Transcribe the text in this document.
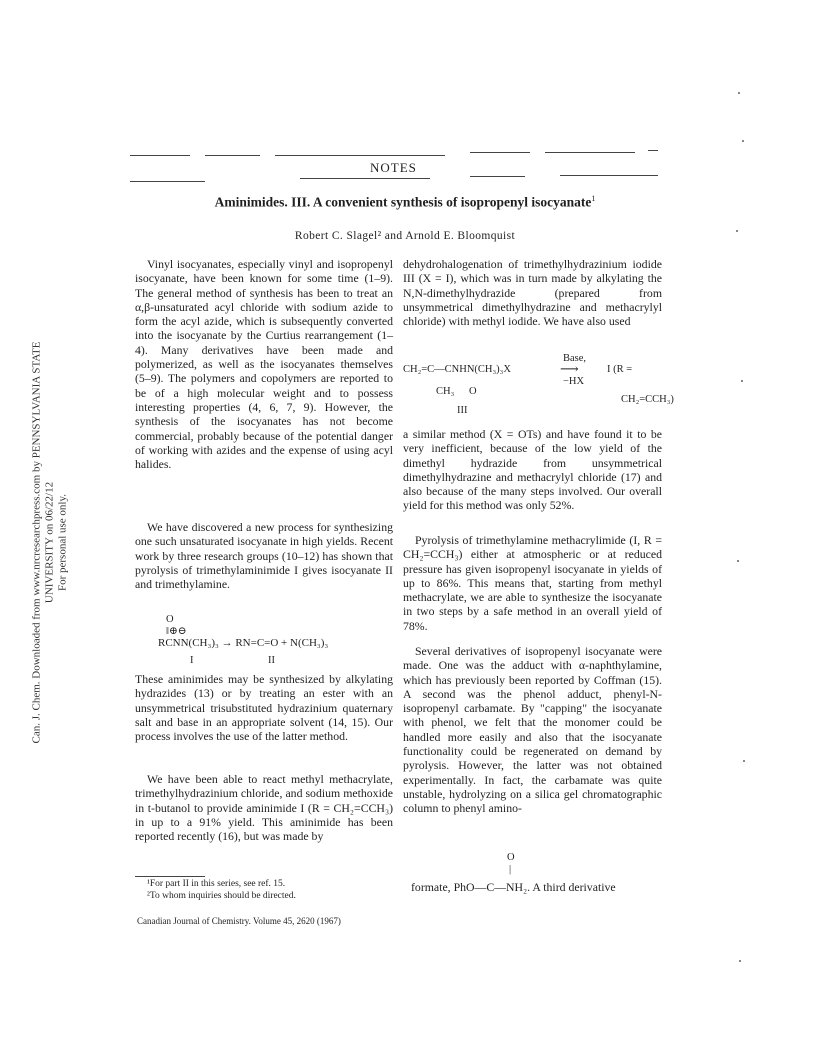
Can. J. Chem. Downloaded from www.nrcresearchpress.com by PENNSYLVANIA STATE UNIVERSITY on 06/22/12 For personal use only.
NOTES
Aminimides. III. A convenient synthesis of isopropenyl isocyanate$^1$
Robert C. Slagel² and Arnold E. Bloomquist

Vinyl isocyanates, especially vinyl and isopropenyl isocyanate, have been known for some time (1–9). The general method of synthesis has been to treat an α,β-unsaturated acyl chloride with sodium azide to form the acyl azide, which is subsequently converted into the isocyanate by the Curtius rearrangement (1–4). Many derivatives have been made and polymerized, as well as the isocyanates themselves (5–9). The polymers and copolymers are reported to be of a high molecular weight and to possess interesting properties (4, 6, 7, 9). However, the synthesis of the isocyanates has not become commercial, probably because of the potential danger of working with azides and the expense of using acyl halides.

We have discovered a new process for synthesizing one such unsaturated isocyanate in high yields. Recent work by three research groups (10–12) has shown that pyrolysis of trimethylaminimide I gives isocyanate II and trimethylamine.

O
‖⊕⊖
RCNN(CH₃)₃ → RN=C=O + N(CH₃)₃
I	II

These aminimides may be synthesized by alkylating hydrazides (13) or by treating an ester with an unsymmetrical trisubstituted hydrazinium quaternary salt and base in an appropriate solvent (14, 15). Our process involves the use of the latter method.

We have been able to react methyl methacrylate, trimethylhydrazinium chloride, and sodium methoxide in t-butanol to provide aminimide I (R = CH₂=CCH₃) in up to a 91% yield. This aminimide has been reported recently (16), but was made by

¹For part II in this series, see ref. 15.
²To whom inquiries should be directed.
Canadian Journal of Chemistry. Volume 45, 2620 (1967)

dehydrohalogenation of trimethylhydrazinium iodide III (X = I), which was in turn made by alkylating the N,N-dimethylhydrazide (prepared from unsymmetrical dimethylhydrazine and methacrylyl chloride) with methyl iodide. We have also used

Base,
CH₂=C—CNHN(CH₃)₃X	⟶	I (R =
−HX
CH₃ O
CH₂=CCH₃)
III

a similar method (X = OTs) and have found it to be very inefficient, because of the low yield of the dimethyl hydrazide from unsymmetrical dimethylhydrazine and methacrylyl chloride (17) and also because of the many steps involved. Our overall yield for this method was only 52%.

Pyrolysis of trimethylamine methacrylimide (I, R = CH₂=CCH₃) either at atmospheric or at reduced pressure has given isopropenyl isocyanate in yields of up to 86%. This means that, starting from methyl methacrylate, we are able to synthesize the isocyanate in two steps by a safe method in an overall yield of 78%.

Several derivatives of isopropenyl isocyanate were made. One was the adduct with α-naphthylamine, which has previously been reported by Coffman (15). A second was the phenol adduct, phenyl-N-isopropenyl carbamate. By "capping" the isocyanate with phenol, we felt that the monomer could be handled more easily and also that the isocyanate functionality could be regenerated on demand by pyrolysis. However, the latter was not obtained experimentally. In fact, the carbamate was quite unstable, hydrolyzing on a silica gel chromatographic column to phenyl amino-

O
|
formate, PhO—C—NH₂. A third derivative
